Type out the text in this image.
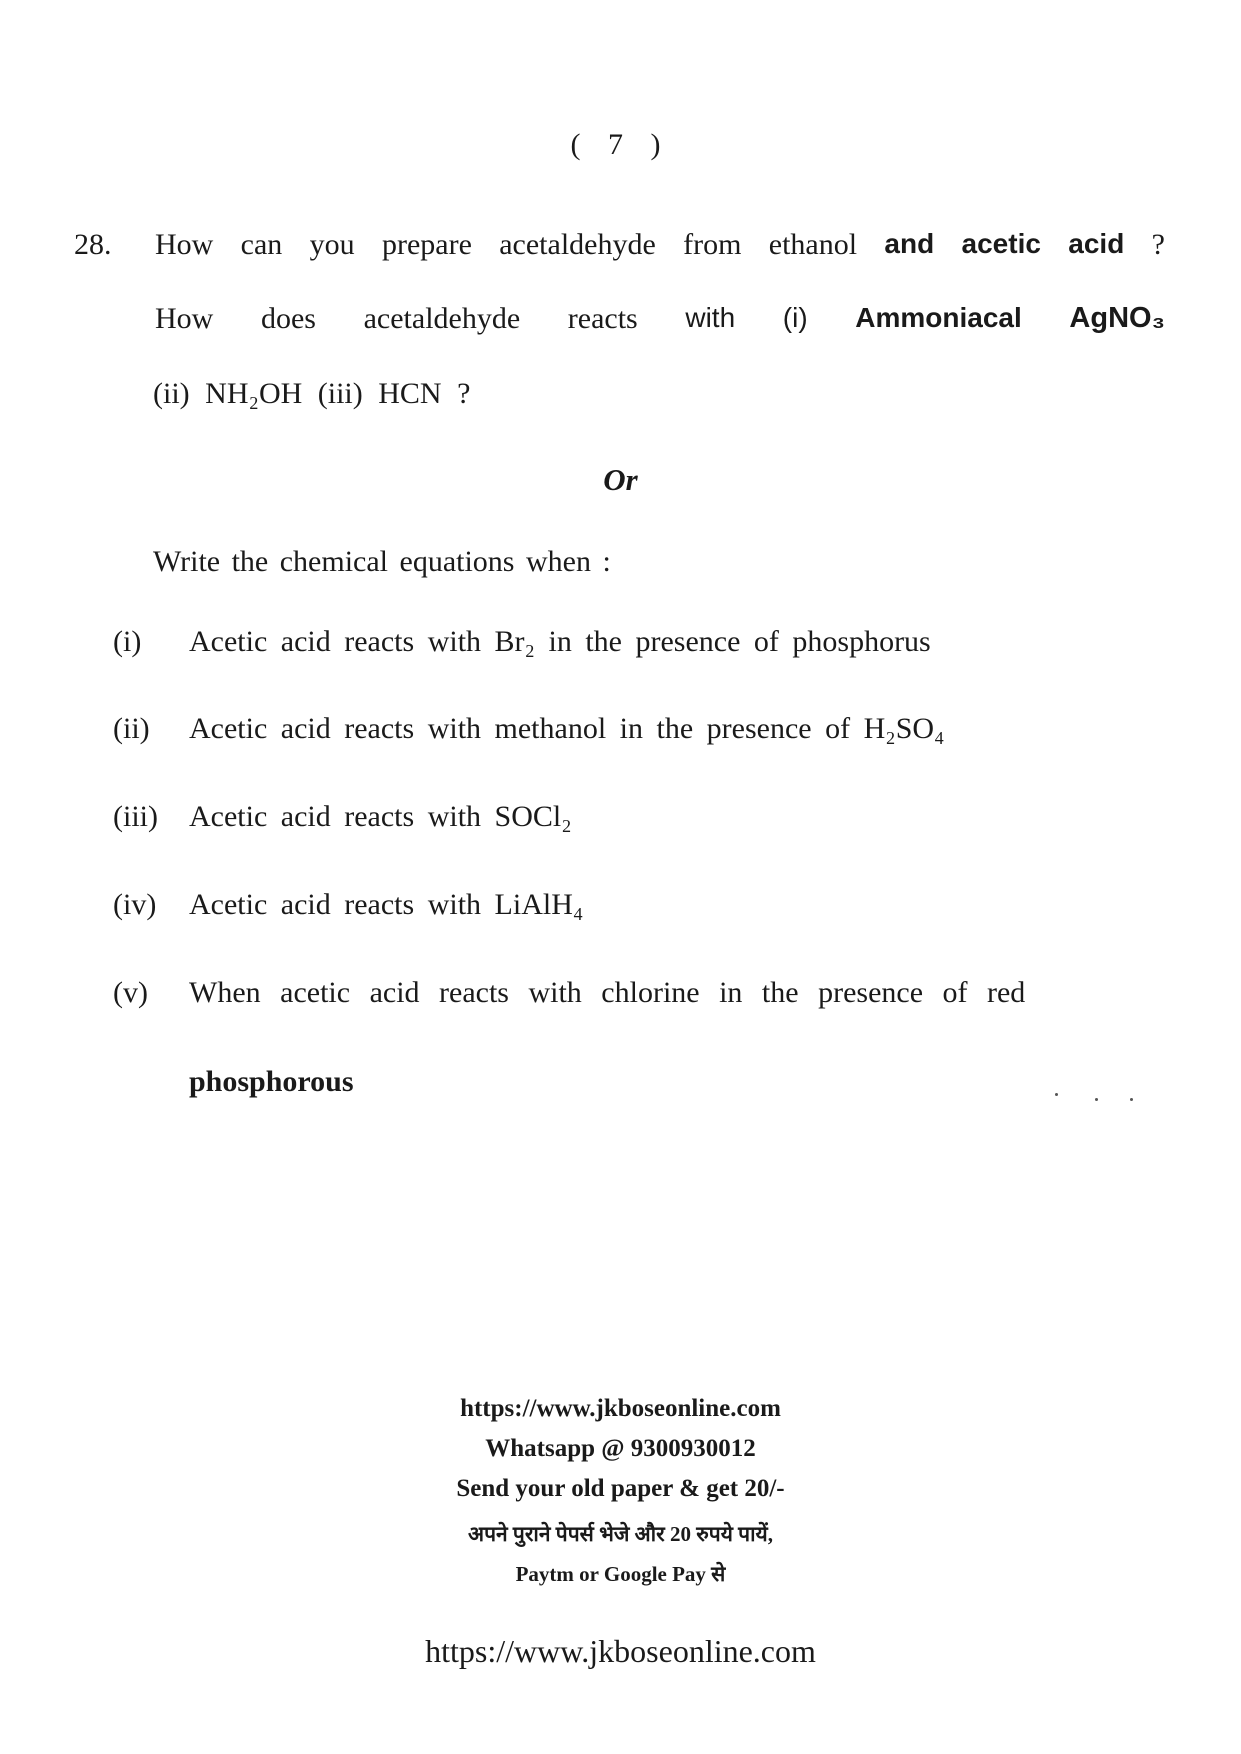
( 7 )
28. How can you prepare acetaldehyde from ethanol and acetic acid ?
How does acetaldehyde reacts with (i) Ammoniacal AgNO₃
(ii) NH₂OH (iii) HCN ?
Or
Write the chemical equations when :
(i) Acetic acid reacts with Br₂ in the presence of phosphorus
(ii) Acetic acid reacts with methanol in the presence of H₂SO₄
(iii) Acetic acid reacts with SOCl₂
(iv) Acetic acid reacts with LiAlH₄
(v) When acetic acid reacts with chlorine in the presence of red
phosphorous
https://www.jkboseonline.com
Whatsapp @ 9300930012
Send your old paper & get 20/-
अपने पुराने पेपर्स भेजे और 20 रुपये पायें,
Paytm or Google Pay से
https://www.jkboseonline.com
